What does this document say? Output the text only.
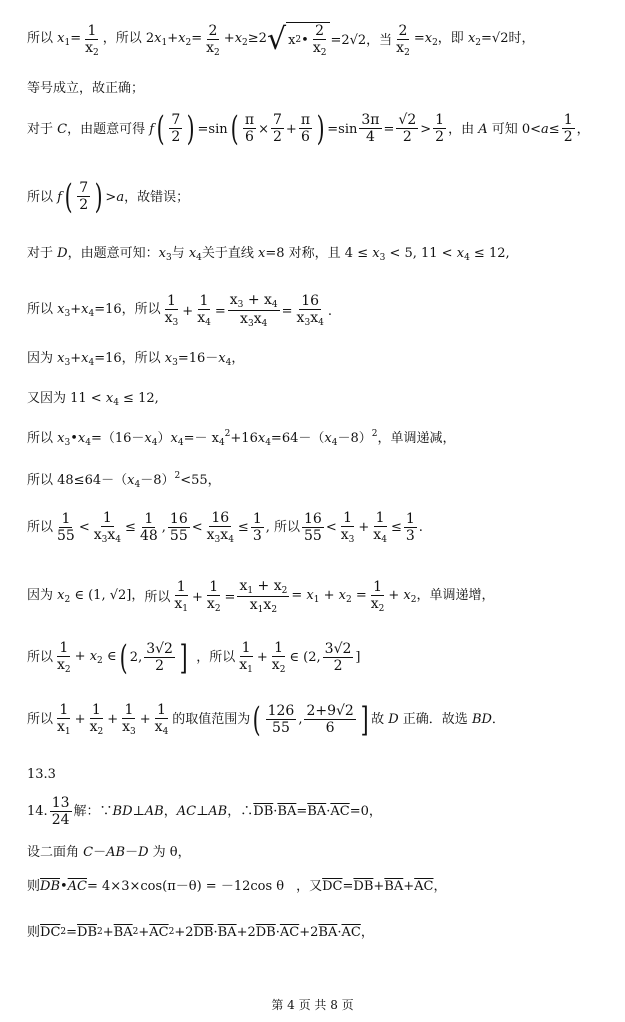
所以 $x_1= \frac{1}{x_2}$ ，所以 $2x_1+x_2= \frac{2}{x_2} +x_2\ge 2$ √ x 2 • $\frac{2}{x_2} =2√2$，当 $\frac{2}{x_2} =x_2$，即 $x_2=√2$时，
等号成立，故正确；
对于 C，由题意可得 f ( $\frac{7}{2}$ ) =sin ( $\frac{\pi}{6} \times \frac{7}{2} + \frac{\pi}{6}$ ) $=\sin \frac{3\pi}{4} = \frac{√2}{2} > \frac{1}{2}$ ，由 A 可知 $0<a\le \frac{1}{2}$ ，
所以 f ( $\frac{7}{2}$ ) >a，故错误；
对于 D，由题意可知：$x_3$与 $x_4$关于直线 x=8 对称，且 $4 \le x_3 < 5$, $11 < x_4 \le 12$,
所以 $x_3+x_4=16$，所以 $\frac{1}{x_3} + \frac{1}{x_4} = \frac{x_3 + x_4}{x_3x_4} = \frac{16}{x_3x_4}$ .
因为 $x_3+x_4=16$，所以 $x_3=16-x_4$，
又因为 $11 < x_4 \le 12$,
所以 $x_3•x_4=(16-x_4)x_4=- x_4^2+16x_4=64-(x_4-8)^2$，单调递减，
所以 $48\le 64-(x_4-8)^2<55$，
所以 $\frac{1}{55} < \frac{1}{x_3x_4} \le \frac{1}{48}$ , $\frac{16}{55} < \frac{16}{x_3x_4} \le \frac{1}{3}$ , 所以 $\frac{16}{55} < \frac{1}{x_3} + \frac{1}{x_4} \le \frac{1}{3}$ .
因为 $x_2$ ∈ (1, √2]， 所以 $\frac{1}{x_1} + \frac{1}{x_2} = \frac{x_1 + x_2}{x_1x_2} = x_1 + x_2 = \frac{1}{x_2} + x_2$，单调递增，
所以 $\frac{1}{x_2} + x_2$ ∈ ( 2, $\frac{3√2}{2}$ ] ，所以 $\frac{1}{x_1} + \frac{1}{x_2}$ ∈ (2, $\frac{3√2}{2}$ ]
所以 $\frac{1}{x_1} + \frac{1}{x_2} + \frac{1}{x_3} + \frac{1}{x_4}$ 的取值范围为 ( $\frac{126}{55}$ , $\frac{2+9√2}{6}$ ] 故 D 正确．故选 BD．
13.3
14. $\frac{13}{24}$ 解：∵BD⊥AB，AC⊥AB，∴ $\overline{DB} \cdot \overline{BA} = \overline{BA} \cdot \overline{AC} =0$，
设二面角 C－AB－D 为 θ，
则 $\overline{DB}$ • $\overline{AC} = 4\times 3\times\cos(\pi-\theta) = -12\cos$ θ ，又 $\overline{DC} = \overline{DB} + \overline{BA} + \overline{AC}$ ，
则 $\overline{DC}$ $2 = \overline{DB}$ $2 + \overline{BA}$ $2 + \overline{AC}$ 2 +2 $\overline{DB} \cdot \overline{BA} +2$ $\overline{DB} \cdot \overline{AC} +2$ $\overline{BA} \cdot \overline{AC}$ ，
第 4 页 共 8 页
